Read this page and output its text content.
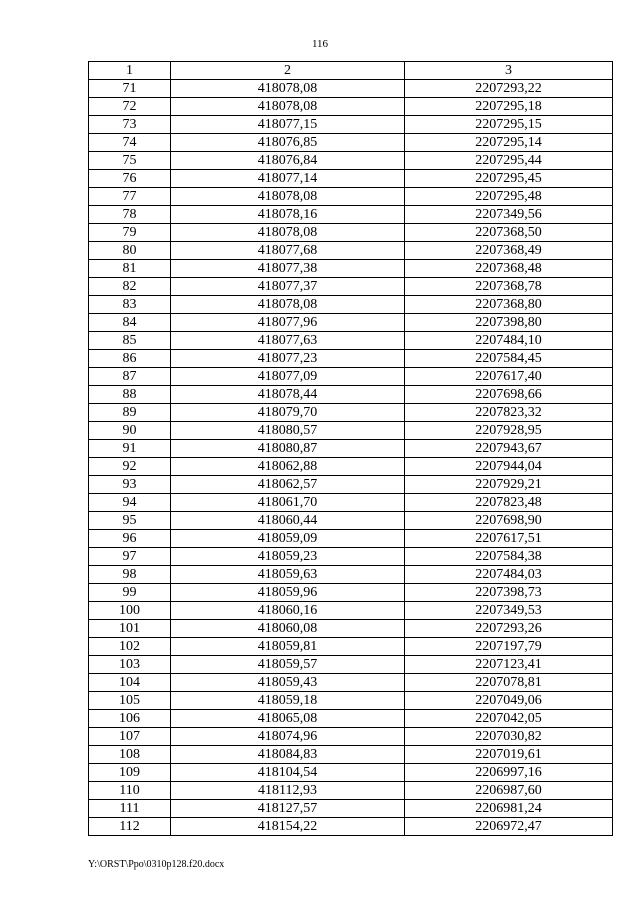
116
1	2	3
71	418078,08	2207293,22
72	418078,08	2207295,18
73	418077,15	2207295,15
74	418076,85	2207295,14
75	418076,84	2207295,44
76	418077,14	2207295,45
77	418078,08	2207295,48
78	418078,16	2207349,56
79	418078,08	2207368,50
80	418077,68	2207368,49
81	418077,38	2207368,48
82	418077,37	2207368,78
83	418078,08	2207368,80
84	418077,96	2207398,80
85	418077,63	2207484,10
86	418077,23	2207584,45
87	418077,09	2207617,40
88	418078,44	2207698,66
89	418079,70	2207823,32
90	418080,57	2207928,95
91	418080,87	2207943,67
92	418062,88	2207944,04
93	418062,57	2207929,21
94	418061,70	2207823,48
95	418060,44	2207698,90
96	418059,09	2207617,51
97	418059,23	2207584,38
98	418059,63	2207484,03
99	418059,96	2207398,73
100	418060,16	2207349,53
101	418060,08	2207293,26
102	418059,81	2207197,79
103	418059,57	2207123,41
104	418059,43	2207078,81
105	418059,18	2207049,06
106	418065,08	2207042,05
107	418074,96	2207030,82
108	418084,83	2207019,61
109	418104,54	2206997,16
110	418112,93	2206987,60
111	418127,57	2206981,24
112	418154,22	2206972,47
Y:\ORST\Ppo\0310p128.f20.docx
